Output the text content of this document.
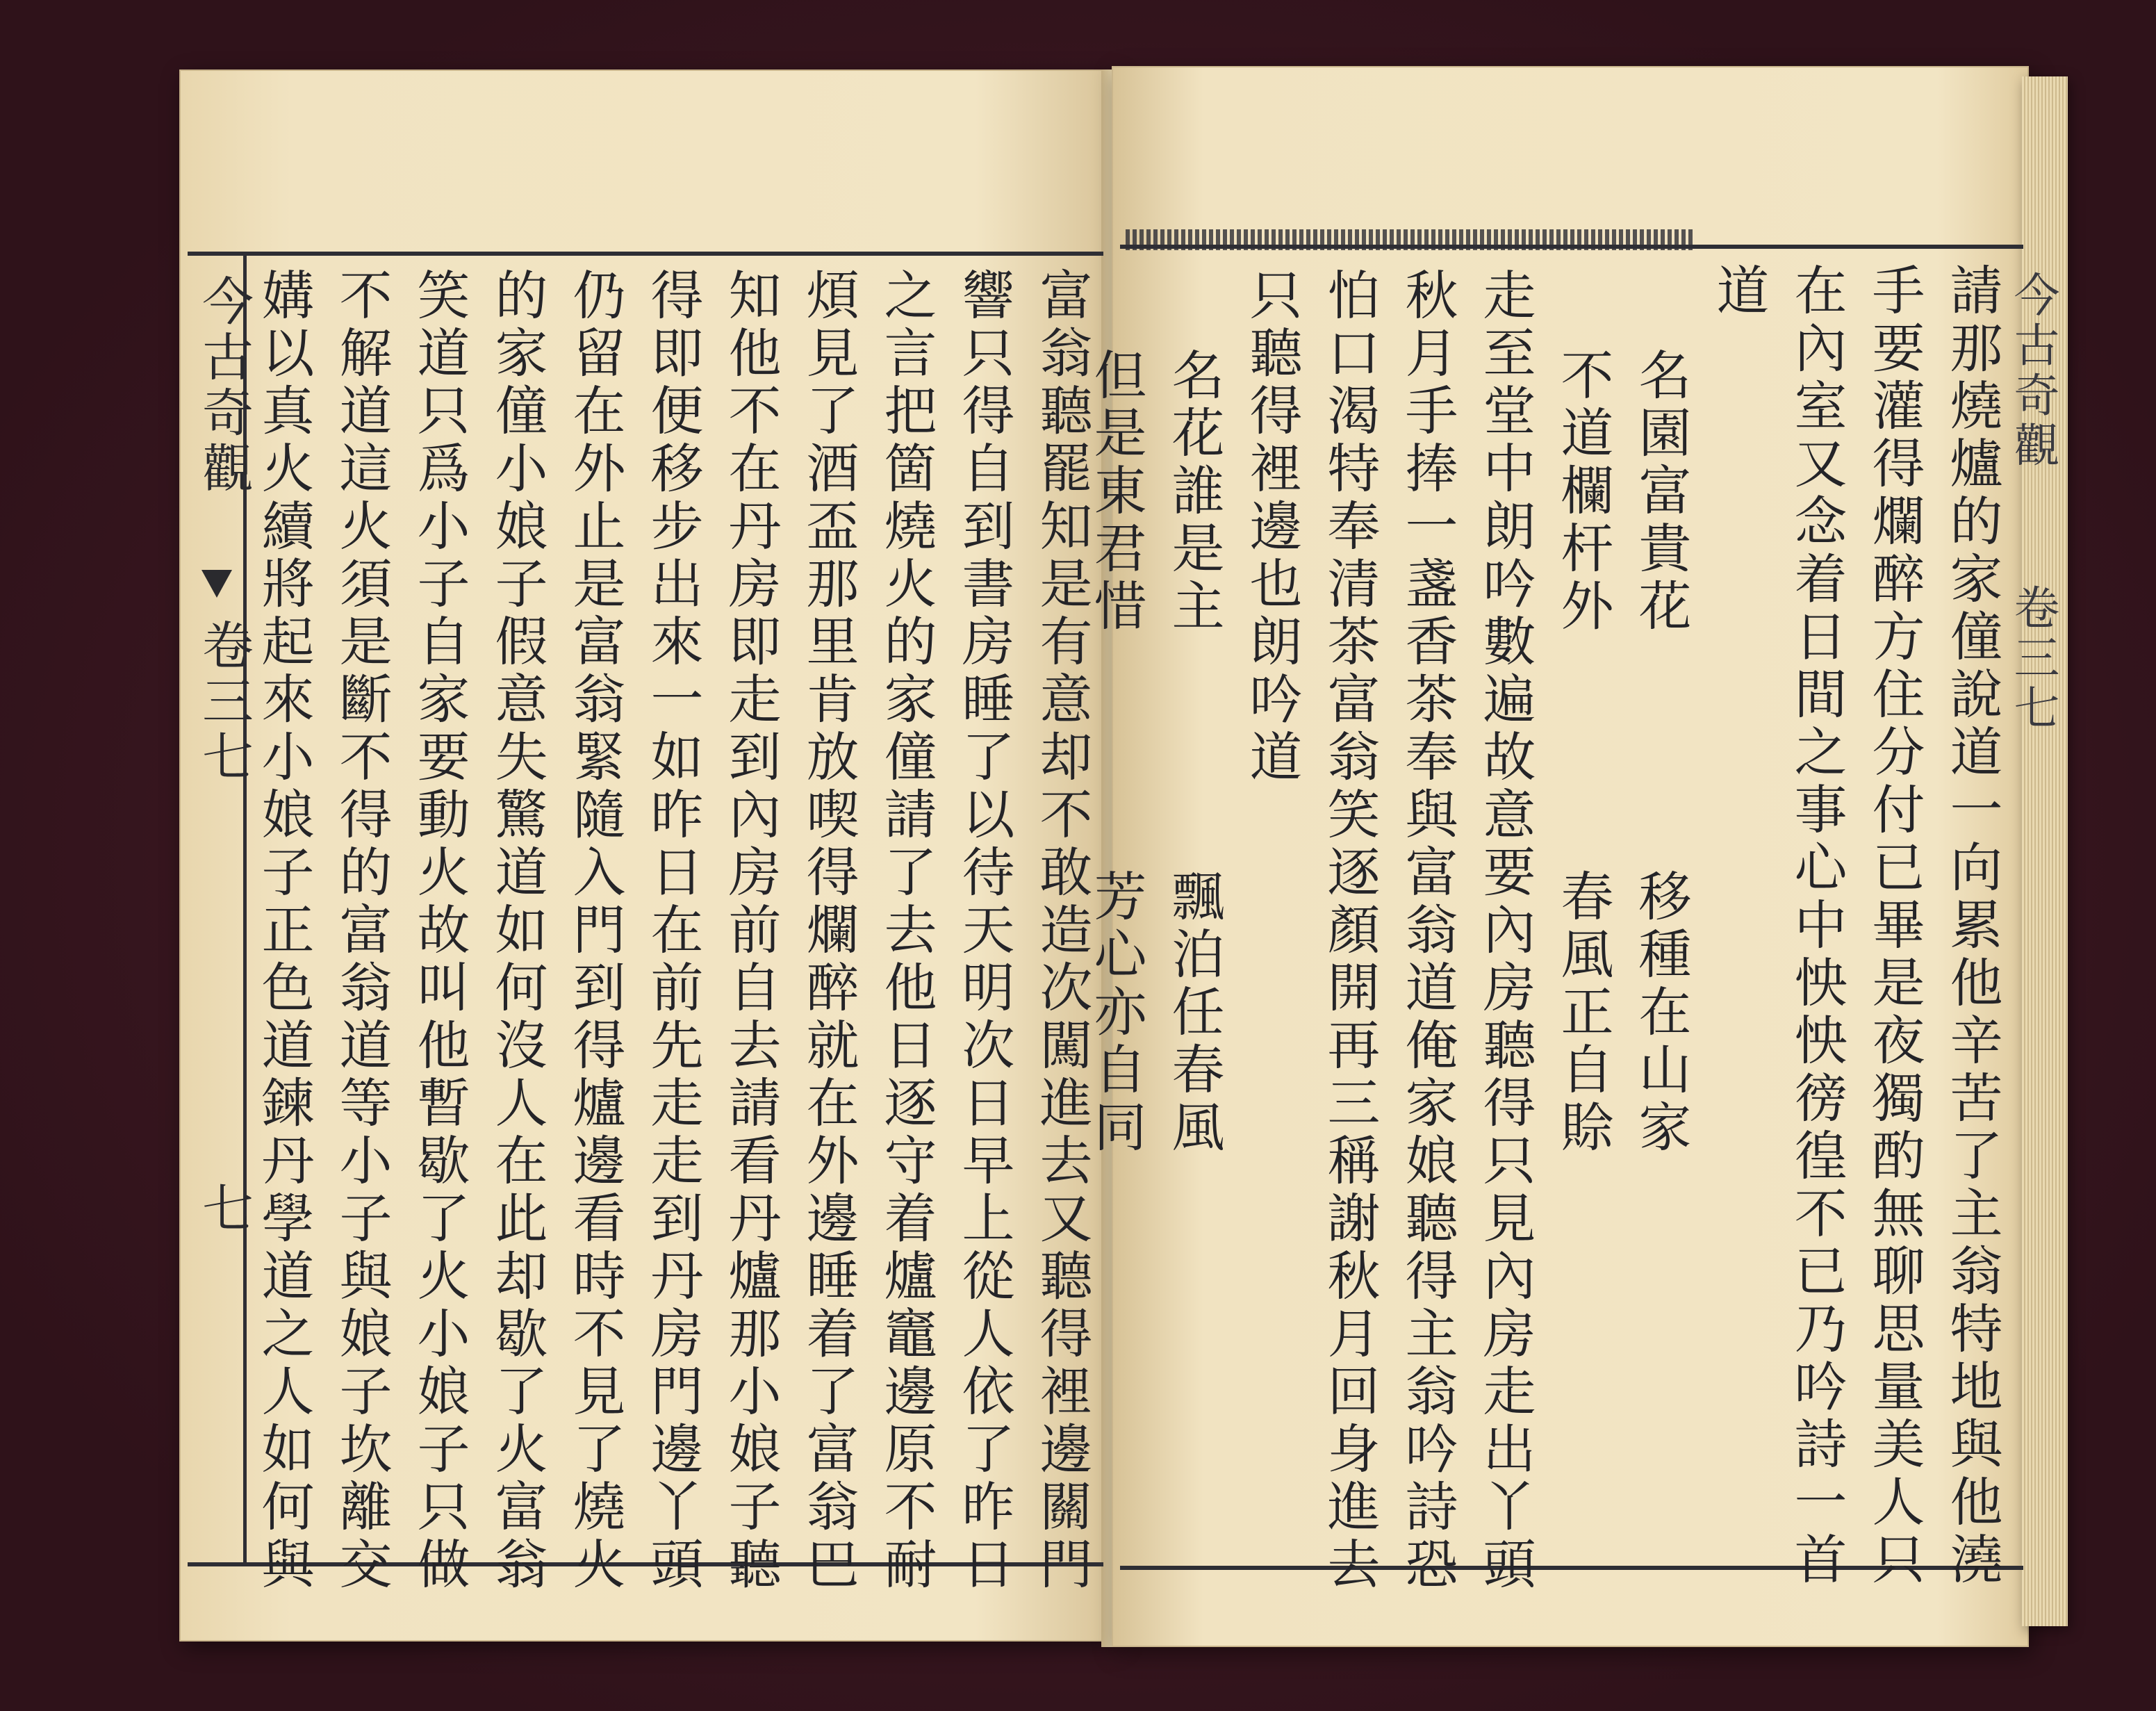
今古奇觀
卷三七
七	富翁聽罷知是有意却不敢造次闖進去又聽得裡邊關門
響只得自到書房睡了以待天明次日早上從人依了昨日
之言把箇燒火的家僮請了去他日逐守着爐竈邊原不耐
煩見了酒盃那里肯放喫得爛醉就在外邊睡着了富翁巴
知他不在丹房即走到內房前自去請看丹爐那小娘子聽
得即便移步出來一如昨日在前先走走到丹房門邊丫頭
仍留在外止是富翁緊隨入門到得爐邊看時不見了燒火
的家僮小娘子假意失驚道如何沒人在此却歇了火富翁
笑道只爲小子自家要動火故叫他暫歇了火小娘子只做
不解道這火須是斷不得的富翁道等小子與娘子坎離交
媾以真火續將起來小娘子正色道鍊丹學道之人如何與	今古奇觀
卷三七
請那燒爐的家僮說道一向累他辛苦了主翁特地與他澆
手要灌得爛醉方住分付已畢是夜獨酌無聊思量美人只
在內室又念着日間之事心中怏怏徬徨不已乃吟詩一首
道
名園富貴花
移種在山家
不道欄杆外
春風正自賒
走至堂中朗吟數遍故意要內房聽得只見內房走出丫頭
秋月手捧一盞香茶奉與富翁道俺家娘聽得主翁吟詩恐
怕口渴特奉清茶富翁笑逐顏開再三稱謝秋月回身進去
只聽得裡邊也朗吟道
名花誰是主
飄泊任春風
但是東君惜
芳心亦自同
